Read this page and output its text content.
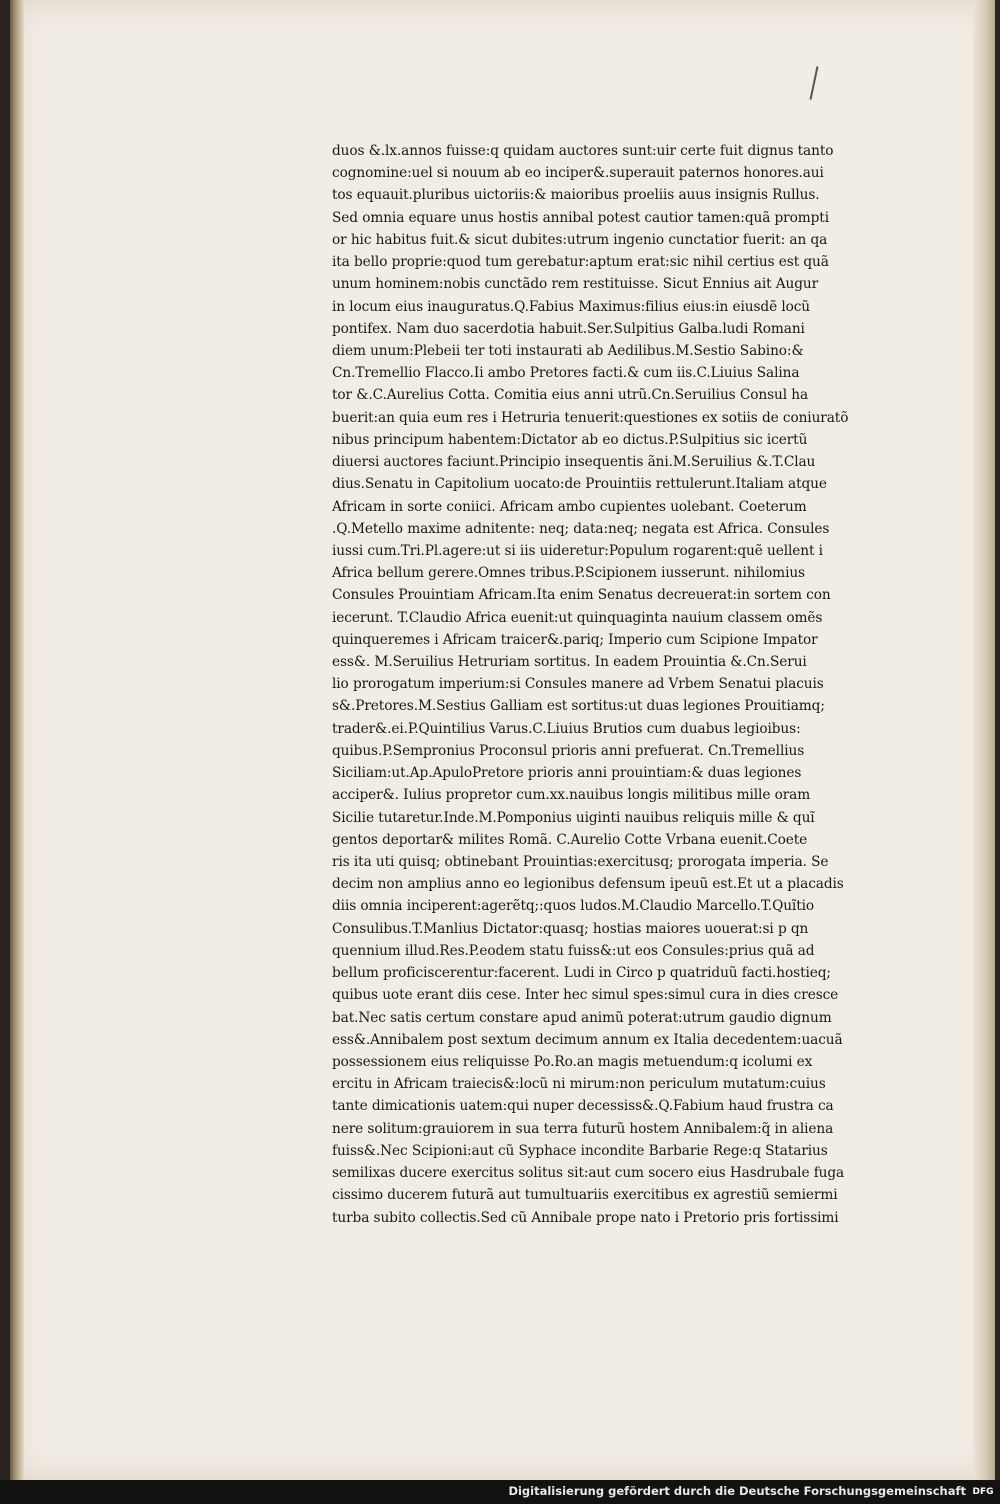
duos &.lx.annos fuisse:q quidam auctores sunt:uir certe fuit dignus tanto
cognomine:uel si nouum ab eo inciper&.superauit paternos honores.aui
tos equauit.pluribus uictoriis:& maioribus proeliis auus insignis Rullus.
Sed omnia equare unus hostis annibal potest cautior tamen:quã prompti
or hic habitus fuit.& sicut dubites:utrum ingenio cunctatior fuerit: an qa
ita bello proprie:quod tum gerebatur:aptum erat:sic nihil certius est quã
unum hominem:nobis cunctãdo rem restituisse. Sicut Ennius ait Augur
in locum eius inauguratus.Q.Fabius Maximus:filius eius:in eiusdẽ locũ
pontifex. Nam duo sacerdotia habuit.Ser.Sulpitius Galba.ludi Romani
diem unum:Plebeii ter toti instaurati ab Aedilibus.M.Sestio Sabino:&
Cn.Tremellio Flacco.Ii ambo Pretores facti.& cum iis.C.Liuius Salina
tor &.C.Aurelius Cotta. Comitia eius anni utrũ.Cn.Seruilius Consul ha
buerit:an quia eum res i Hetruria tenuerit:questiones ex sotiis de coniuratõ
nibus principum habentem:Dictator ab eo dictus.P.Sulpitius sic icertũ
diuersi auctores faciunt.Principio insequentis ãni.M.Seruilius &.T.Clau
dius.Senatu in Capitolium uocato:de Prouintiis rettulerunt.Italiam atque
Africam in sorte coniici. Africam ambo cupientes uolebant. Coeterum
.Q.Metello maxime adnitente: neq; data:neq; negata est Africa. Consules
iussi cum.Tri.Pl.agere:ut si iis uideretur:Populum rogarent:quẽ uellent i
Africa bellum gerere.Omnes tribus.P.Scipionem iusserunt. nihilomius
Consules Prouintiam Africam.Ita enim Senatus decreuerat:in sortem con
iecerunt. T.Claudio Africa euenit:ut quinquaginta nauium classem omẽs
quinqueremes i Africam traicer&.pariq; Imperio cum Scipione Impator
ess&. M.Seruilius Hetruriam sortitus. In eadem Prouintia &.Cn.Serui
lio prorogatum imperium:si Consules manere ad Vrbem Senatui placuis
s&.Pretores.M.Sestius Galliam est sortitus:ut duas legiones Prouitiamq;
trader&.ei.P.Quintilius Varus.C.Liuius Brutios cum duabus legioibus:
quibus.P.Sempronius Proconsul prioris anni prefuerat. Cn.Tremellius
Siciliam:ut.Ap.ApuloPretore prioris anni prouintiam:& duas legiones
acciper&. Iulius propretor cum.xx.nauibus longis militibus mille oram
Sicilie tutaretur.Inde.M.Pomponius uiginti nauibus reliquis mille & quĩ
gentos deportar& milites Romã. C.Aurelio Cotte Vrbana euenit.Coete
ris ita uti quisq; obtinebant Prouintias:exercitusq; prorogata imperia. Se
decim non amplius anno eo legionibus defensum ipeuũ est.Et ut a placadis
diis omnia inciperent:agerẽtq;:quos ludos.M.Claudio Marcello.T.Quĩtio
Consulibus.T.Manlius Dictator:quasq; hostias maiores uouerat:si p qn
quennium illud.Res.P.eodem statu fuiss&:ut eos Consules:prius quã ad
bellum proficiscerentur:facerent. Ludi in Circo p quatriduũ facti.hostieq;
quibus uote erant diis cese. Inter hec simul spes:simul cura in dies cresce
bat.Nec satis certum constare apud animũ poterat:utrum gaudio dignum
ess&.Annibalem post sextum decimum annum ex Italia decedentem:uacuã
possessionem eius reliquisse Po.Ro.an magis metuendum:q icolumi ex
ercitu in Africam traiecis&:locũ ni mirum:non periculum mutatum:cuius
tante dimicationis uatem:qui nuper decessiss&.Q.Fabium haud frustra ca
nere solitum:grauiorem in sua terra futurũ hostem Annibalem:q̃ in aliena
fuiss&.Nec Scipioni:aut cũ Syphace incondite Barbarie Rege:q Statarius
semilixas ducere exercitus solitus sit:aut cum socero eius Hasdrubale fuga
cissimo ducerem futurã aut tumultuariis exercitibus ex agrestiũ semiermi
turba subito collectis.Sed cũ Annibale prope nato i Pretorio pris fortissimi
Digitalisierung gefördert durch die Deutsche Forschungsgemeinschaft DFG
